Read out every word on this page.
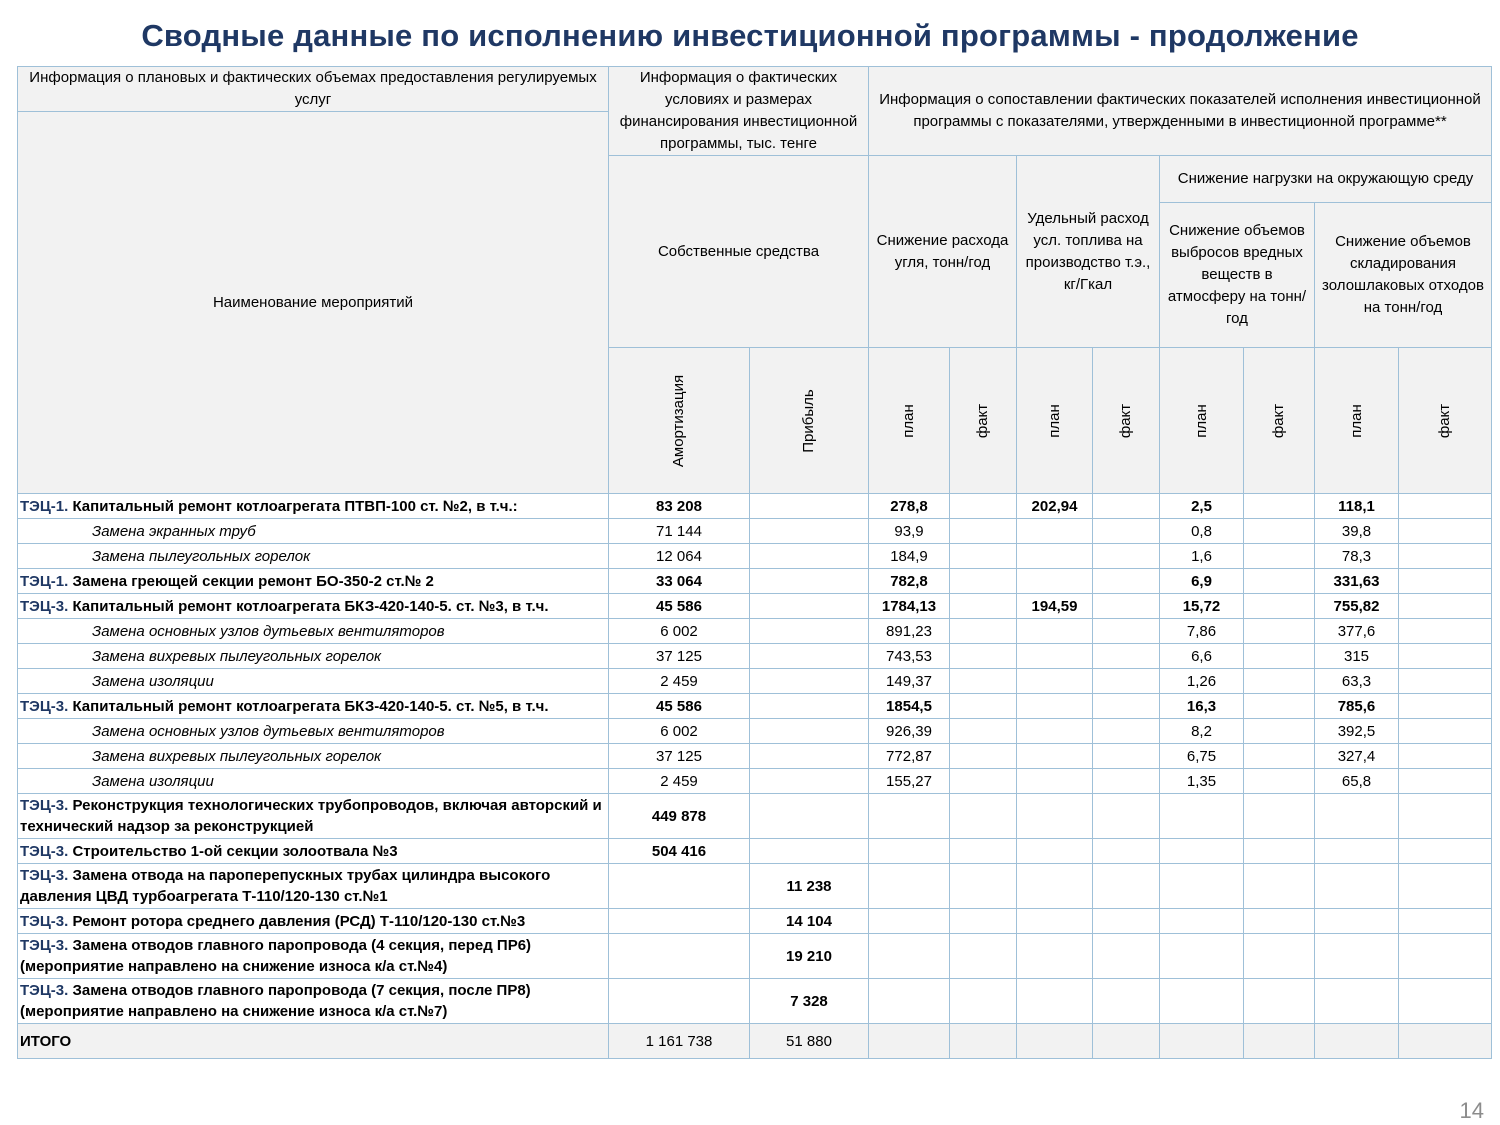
Сводные данные по исполнению инвестиционной программы - продолжение
Информация о плановых и фактических объемах предоставления регулируемых услуг	Информация о фактических условиях и размерах финансирования инвестиционной программы, тыс. тенге		Информация о сопоставлении фактических показателей исполнения инвестиционной программы с показателями, утвержденными в инвестиционной программе**							
Наименование мероприятий										
	Собственные средства		Снижение расхода угля, тонн/год		Удельный расход усл. топлива на производство т.э., кг/Гкал		Снижение нагрузки на окружающую среду			
							Снижение объемов выбросов вредных веществ в атмосферу на тонн/год		Снижение объемов складирования золошлаковых отходов на тонн/год	

	Амортизация	Прибыль	план	факт	план	факт	план	факт	план	факт

ТЭЦ-1. Капитальный ремонт котлоагрегата ПТВП-100 ст. №2, в т.ч.:	83 208		278,8		202,94		2,5		118,1	
Замена экранных труб	71 144		93,9				0,8		39,8	
Замена пылеугольных горелок	12 064		184,9				1,6		78,3	
ТЭЦ-1. Замена греющей секции ремонт БО-350-2 ст.№ 2	33 064		782,8				6,9		331,63	
ТЭЦ-3. Капитальный ремонт котлоагрегата БКЗ-420-140-5. ст. №3, в т.ч.	45 586		1784,13		194,59		15,72		755,82	
Замена основных узлов дутьевых вентиляторов	6 002		891,23				7,86		377,6	
Замена вихревых пылеугольных горелок	37 125		743,53				6,6		315	
Замена изоляции	2 459		149,37				1,26		63,3	
ТЭЦ-3. Капитальный ремонт котлоагрегата БКЗ-420-140-5. ст. №5, в т.ч.	45 586		1854,5				16,3		785,6	
Замена основных узлов дутьевых вентиляторов	6 002		926,39				8,2		392,5	
Замена вихревых пылеугольных горелок	37 125		772,87				6,75		327,4	
Замена изоляции	2 459		155,27				1,35		65,8	
ТЭЦ-3. Реконструкция технологических трубопроводов, включая авторский и технический надзор за реконструкцией	449 878									
ТЭЦ-3. Строительство 1-ой секции золоотвала №3	504 416									
ТЭЦ-3. Замена отвода на пароперепускных трубах цилиндра высокого давления ЦВД турбоагрегата Т-110/120-130 ст.№1		11 238								
ТЭЦ-3. Ремонт ротора среднего давления (РСД) Т-110/120-130 ст.№3		14 104								
ТЭЦ-3. Замена отводов главного паропровода (4 секция, перед ПР6) (мероприятие направлено на снижение износа к/а ст.№4)		19 210								
ТЭЦ-3. Замена отводов главного паропровода (7 секция, после ПР8) (мероприятие направлено на снижение износа к/а ст.№7)		7 328								
ИТОГО	1 161 738	51 880								
14
